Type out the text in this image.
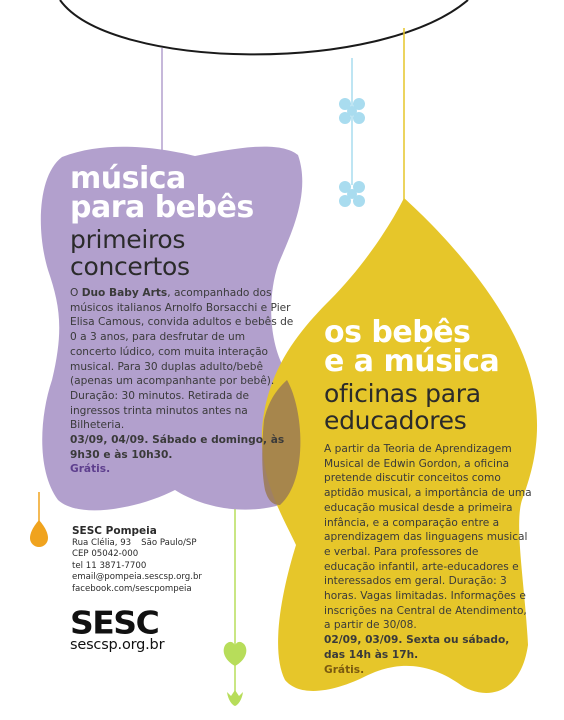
música

para bebês

primeiros

concertos

O Duo Baby Arts, acompanhado dos músicos italianos Arnolfo Borsacchi e Pier Elisa Camous, convida adultos e bebês de 0 a 3 anos, para desfrutar de um concerto lúdico, com muita interação musical. Para 30 duplas adulto/bebê (apenas um acompanhante por bebê). Duração: 30 minutos. Retirada de ingressos trinta minutos antes na Bilheteria.

03/09, 04/09. Sábado e domingo, às 9h30 e às 10h30.

Grátis.

os bebês

e a música

oficinas para

educadores

A partir da Teoria de Aprendizagem Musical de Edwin Gordon, a oficina pretende discutir conceitos como aptidão musical, a importância de uma educação musical desde a primeira infância, e a comparação entre a aprendizagem das linguagens musical e verbal. Para professores de educação infantil, arte-educadores e interessados em geral. Duração: 3 horas. Vagas limitadas. Informações e inscrições na Central de Atendimento, a partir de 30/08.

02/09, 03/09. Sexta ou sábado, das 14h às 17h.

Grátis.

SESC Pompeia
Rua Clélia, 93 São Paulo/SP
CEP 05042-000
tel 11 3871-7700
email@pompeia.sescsp.org.br
facebook.com/sescpompeia
SESC
sescsp.org.br
